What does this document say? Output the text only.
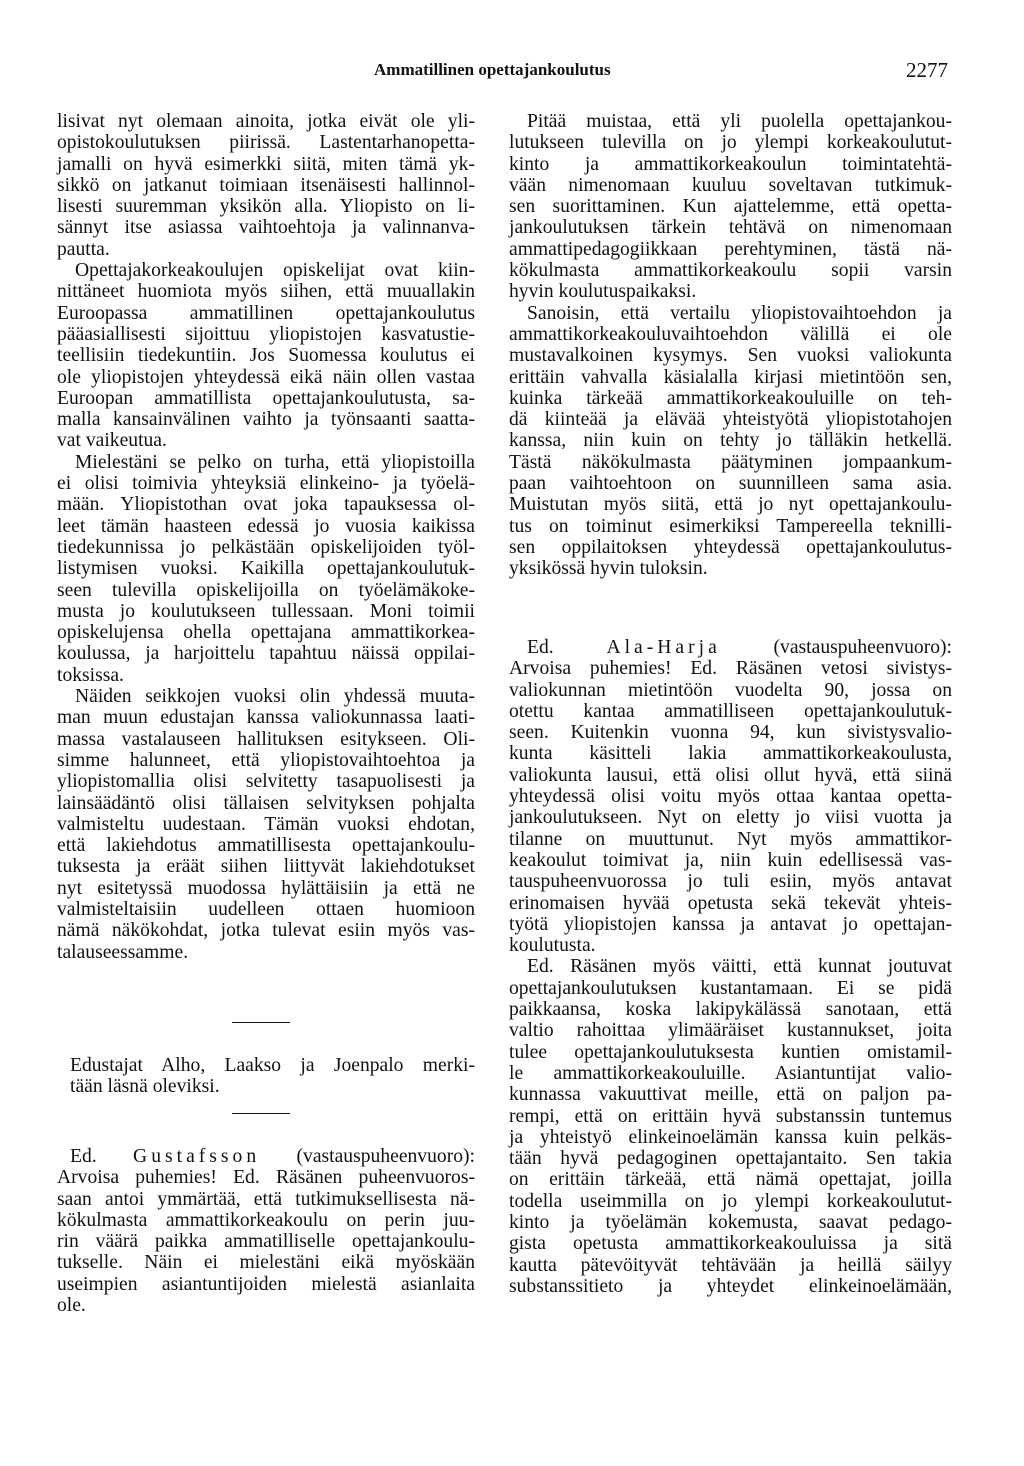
Ammatillinen opettajankoulutus	2277
lisivat nyt olemaan ainoita, jotka eivät ole yli-
opistokoulutuksen piirissä. Lastentarhanopetta-
jamalli on hyvä esimerkki siitä, miten tämä yk-
sikkö on jatkanut toimiaan itsenäisesti hallinnol-
lisesti suuremman yksikön alla. Yliopisto on li-
sännyt itse asiassa vaihtoehtoja ja valinnanva-
pautta.
Opettajakorkeakoulujen opiskelijat ovat kiin-
nittäneet huomiota myös siihen, että muuallakin
Euroopassa ammatillinen opettajankoulutus
pääasiallisesti sijoittuu yliopistojen kasvatustie-
teellisiin tiedekuntiin. Jos Suomessa koulutus ei
ole yliopistojen yhteydessä eikä näin ollen vastaa
Euroopan ammatillista opettajankoulutusta, sa-
malla kansainvälinen vaihto ja työnsaanti saatta-
vat vaikeutua.
Mielestäni se pelko on turha, että yliopistoilla
ei olisi toimivia yhteyksiä elinkeino- ja työelä-
mään. Yliopistothan ovat joka tapauksessa ol-
leet tämän haasteen edessä jo vuosia kaikissa
tiedekunnissa jo pelkästään opiskelijoiden työl-
listymisen vuoksi. Kaikilla opettajankoulutuk-
seen tulevilla opiskelijoilla on työelämäkoke-
musta jo koulutukseen tullessaan. Moni toimii
opiskelujensa ohella opettajana ammattikorkea-
koulussa, ja harjoittelu tapahtuu näissä oppilai-
toksissa.
Näiden seikkojen vuoksi olin yhdessä muuta-
man muun edustajan kanssa valiokunnassa laati-
massa vastalauseen hallituksen esitykseen. Oli-
simme halunneet, että yliopistovaihtoehtoa ja
yliopistomallia olisi selvitetty tasapuolisesti ja
lainsäädäntö olisi tällaisen selvityksen pohjalta
valmisteltu uudestaan. Tämän vuoksi ehdotan,
että lakiehdotus ammatillisesta opettajankoulu-
tuksesta ja eräät siihen liittyvät lakiehdotukset
nyt esitetyssä muodossa hylättäisiin ja että ne
valmisteltaisiin uudelleen ottaen huomioon
nämä näkökohdat, jotka tulevat esiin myös vas-
talauseessamme.
Edustajat Alho, Laakso ja Joenpalo merki-
tään läsnä oleviksi.
Ed. Gustafsson (vastauspuheenvuoro):
Arvoisa puhemies! Ed. Räsänen puheenvuoros-
saan antoi ymmärtää, että tutkimuksellisesta nä-
kökulmasta ammattikorkeakoulu on perin juu-
rin väärä paikka ammatilliselle opettajankoulu-
tukselle. Näin ei mielestäni eikä myöskään
useimpien asiantuntijoiden mielestä asianlaita
ole.
Pitää muistaa, että yli puolella opettajankou-
lutukseen tulevilla on jo ylempi korkeakoulutut-
kinto ja ammattikorkeakoulun toimintatehtä-
vään nimenomaan kuuluu soveltavan tutkimuk-
sen suorittaminen. Kun ajattelemme, että opetta-
jankoulutuksen tärkein tehtävä on nimenomaan
ammattipedagogiikkaan perehtyminen, tästä nä-
kökulmasta ammattikorkeakoulu sopii varsin
hyvin koulutuspaikaksi.
Sanoisin, että vertailu yliopistovaihtoehdon ja
ammattikorkeakouluvaihtoehdon välillä ei ole
mustavalkoinen kysymys. Sen vuoksi valiokunta
erittäin vahvalla käsialalla kirjasi mietintöön sen,
kuinka tärkeää ammattikorkeakouluille on teh-
dä kiinteää ja elävää yhteistyötä yliopistotahojen
kanssa, niin kuin on tehty jo tälläkin hetkellä.
Tästä näkökulmasta päätyminen jompaankum-
paan vaihtoehtoon on suunnilleen sama asia.
Muistutan myös siitä, että jo nyt opettajankoulu-
tus on toiminut esimerkiksi Tampereella teknilli-
sen oppilaitoksen yhteydessä opettajankoulutus-
yksikössä hyvin tuloksin.
Ed. Ala-Harja (vastauspuheenvuoro):
Arvoisa puhemies! Ed. Räsänen vetosi sivistys-
valiokunnan mietintöön vuodelta 90, jossa on
otettu kantaa ammatilliseen opettajankoulutuk-
seen. Kuitenkin vuonna 94, kun sivistysvalio-
kunta käsitteli lakia ammattikorkeakoulusta,
valiokunta lausui, että olisi ollut hyvä, että siinä
yhteydessä olisi voitu myös ottaa kantaa opetta-
jankoulutukseen. Nyt on eletty jo viisi vuotta ja
tilanne on muuttunut. Nyt myös ammattikor-
keakoulut toimivat ja, niin kuin edellisessä vas-
tauspuheenvuorossa jo tuli esiin, myös antavat
erinomaisen hyvää opetusta sekä tekevät yhteis-
työtä yliopistojen kanssa ja antavat jo opettajan-
koulutusta.
Ed. Räsänen myös väitti, että kunnat joutuvat
opettajankoulutuksen kustantamaan. Ei se pidä
paikkaansa, koska lakipykälässä sanotaan, että
valtio rahoittaa ylimääräiset kustannukset, joita
tulee opettajankoulutuksesta kuntien omistamil-
le ammattikorkeakouluille. Asiantuntijat valio-
kunnassa vakuuttivat meille, että on paljon pa-
rempi, että on erittäin hyvä substanssin tuntemus
ja yhteistyö elinkeinoelämän kanssa kuin pelkäs-
tään hyvä pedagoginen opettajantaito. Sen takia
on erittäin tärkeää, että nämä opettajat, joilla
todella useimmilla on jo ylempi korkeakoulutut-
kinto ja työelämän kokemusta, saavat pedago-
gista opetusta ammattikorkeakouluissa ja sitä
kautta pätevöityvät tehtävään ja heillä säilyy
substanssitieto ja yhteydet elinkeinoelämään,
